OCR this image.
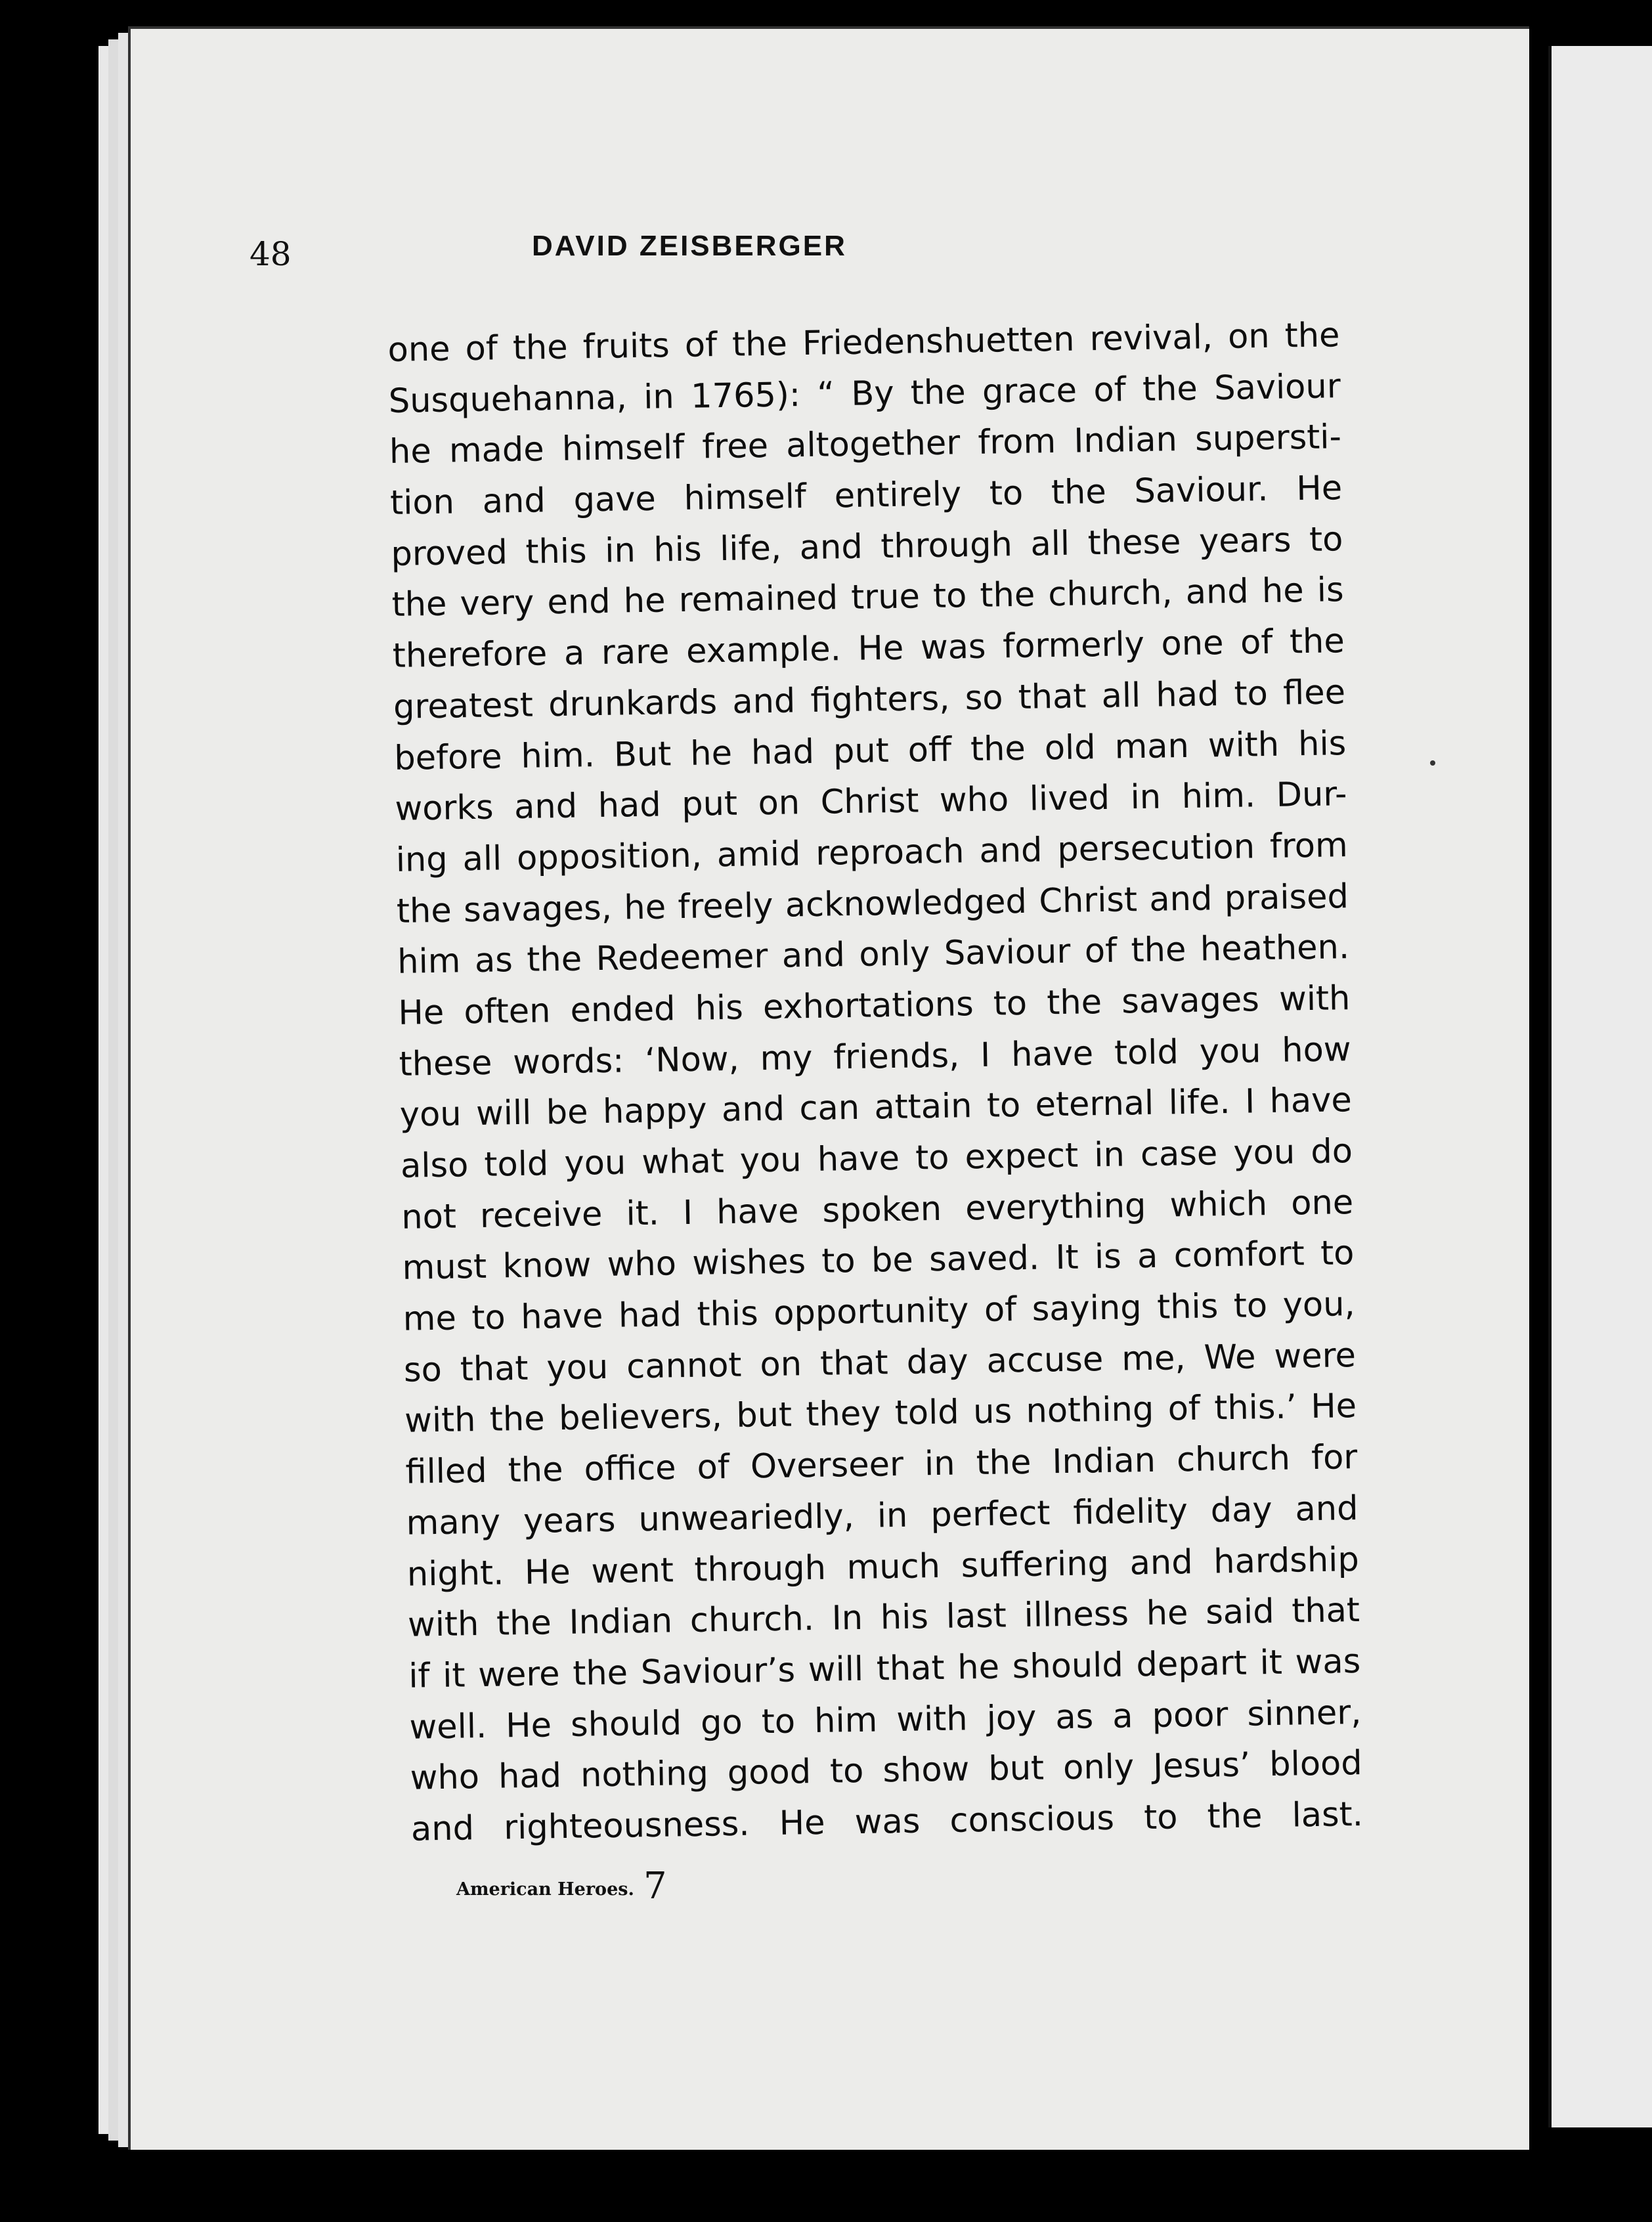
48	DAVID ZEISBERGER
one of the fruits of the Friedenshuetten revival, on the
Susquehanna, in 1765): “ By the grace of the Saviour
he made himself free altogether from Indian supersti-
tion and gave himself entirely to the Saviour. He
proved this in his life, and through all these years to
the very end he remained true to the church, and he is
therefore a rare example. He was formerly one of the
greatest drunkards and fighters, so that all had to flee
before him. But he had put off the old man with his
works and had put on Christ who lived in him. Dur-
ing all opposition, amid reproach and persecution from
the savages, he freely acknowledged Christ and praised
him as the Redeemer and only Saviour of the heathen.
He often ended his exhortations to the savages with
these words: ‘Now, my friends, I have told you how
you will be happy and can attain to eternal life. I have
also told you what you have to expect in case you do
not receive it. I have spoken everything which one
must know who wishes to be saved. It is a comfort to
me to have had this opportunity of saying this to you,
so that you cannot on that day accuse me, We were
with the believers, but they told us nothing of this.’ He
filled the office of Overseer in the Indian church for
many years unweariedly, in perfect fidelity day and
night. He went through much suffering and hardship
with the Indian church. In his last illness he said that
if it were the Saviour’s will that he should depart it was
well. He should go to him with joy as a poor sinner,
who had nothing good to show but only Jesus’ blood
and righteousness. He was conscious to the last.
American Heroes. 7
